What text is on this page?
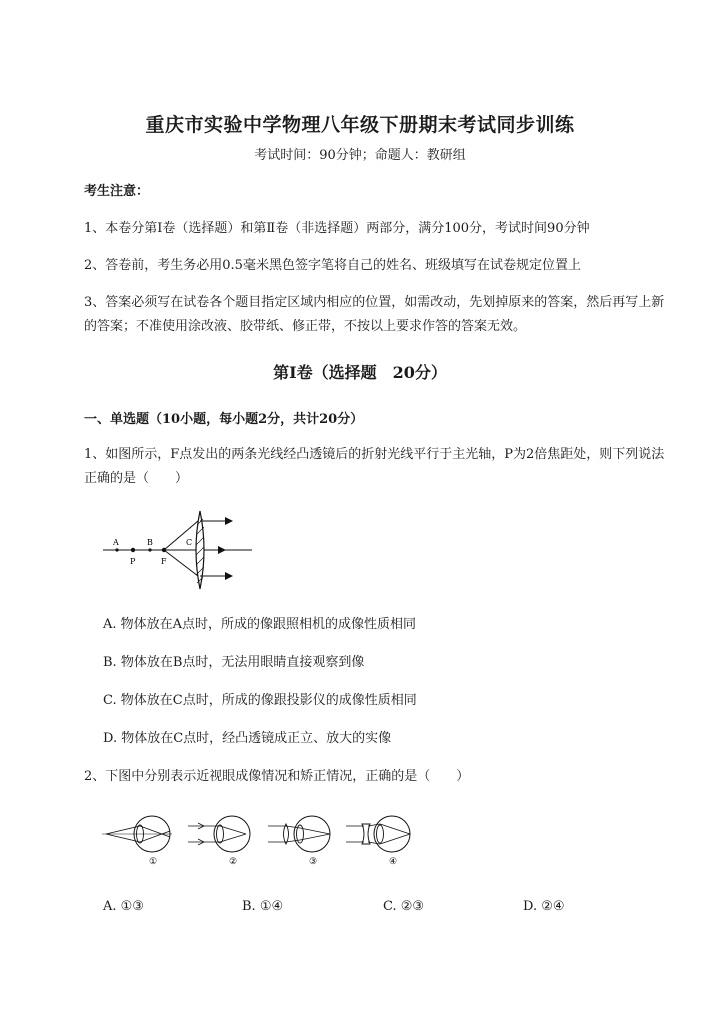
重庆市实验中学物理八年级下册期末考试同步训练
考试时间：90分钟；命题人：教研组
考生注意：
1、本卷分第Ⅰ卷（选择题）和第Ⅱ卷（非选择题）两部分，满分100分，考试时间90分钟
2、答卷前，考生务必用0.5毫米黑色签字笔将自己的姓名、班级填写在试卷规定位置上
3、答案必须写在试卷各个题目指定区域内相应的位置，如需改动，先划掉原来的答案，然后再写上新的答案；不准使用涂改液、胶带纸、修正带，不按以上要求作答的答案无效。
第Ⅰ卷（选择题　20分）
一、单选题（10小题，每小题2分，共计20分）
1、如图所示，F点发出的两条光线经凸透镜后的折射光线平行于主光轴，P为2倍焦距处，则下列说法正确的是（　　）
A	B	C
P	F
A. 物体放在A点时，所成的像跟照相机的成像性质相同
B. 物体放在B点时，无法用眼睛直接观察到像
C. 物体放在C点时，所成的像跟投影仪的成像性质相同
D. 物体放在C点时，经凸透镜成正立、放大的实像
2、下图中分别表示近视眼成像情况和矫正情况，正确的是（　　）
①	②	③	④
A. ①③	B. ①④	C. ②③	D. ②④
